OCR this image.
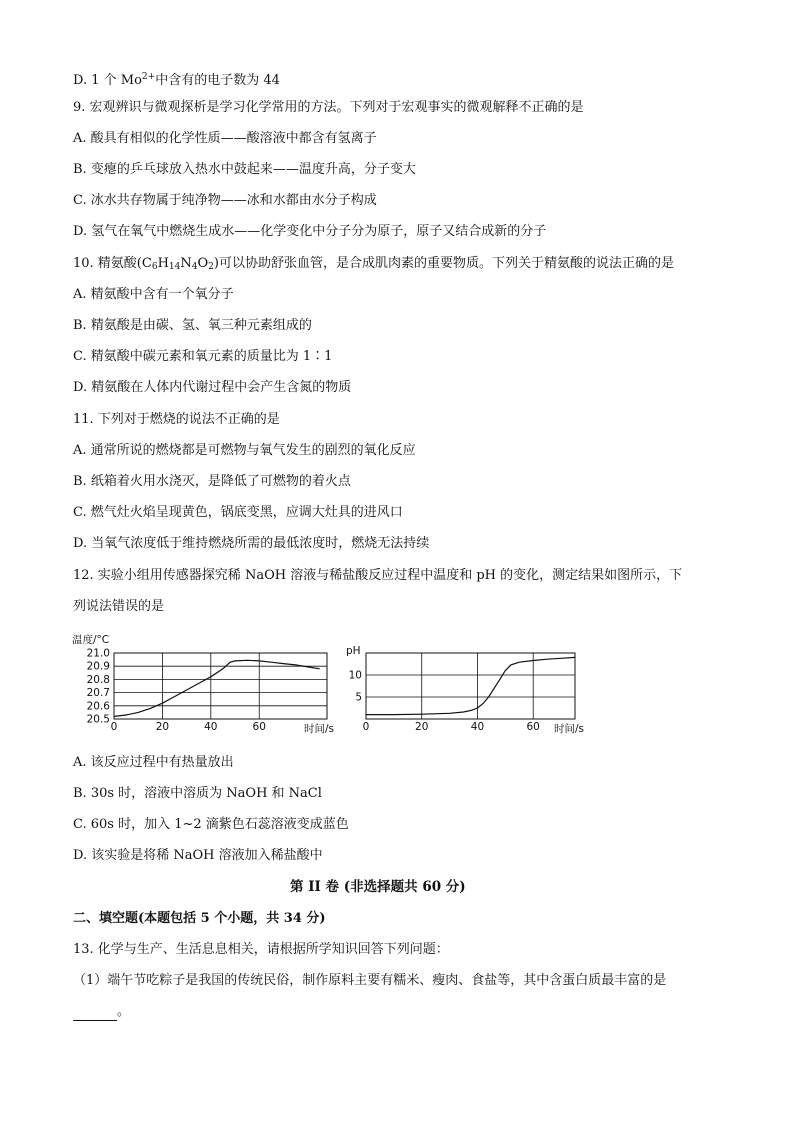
D. 1 个 $Mo^{2+}$中含有的电子数为 44
9. 宏观辨识与微观探析是学习化学常用的方法。下列对于宏观事实的微观解释不正确的是
A. 酸具有相似的化学性质——酸溶液中都含有氢离子
B. 变瘪的乒乓球放入热水中鼓起来——温度升高，分子变大
C. 冰水共存物属于纯净物——冰和水都由水分子构成
D. 氢气在氧气中燃烧生成水——化学变化中分子分为原子，原子又结合成新的分子
10. 精氨酸$(C_6H_{14}N_4O_2)$可以协助舒张血管，是合成肌肉素的重要物质。下列关于精氨酸的说法正确的是
A. 精氨酸中含有一个氧分子
B. 精氨酸是由碳、氢、氧三种元素组成的
C. 精氨酸中碳元素和氧元素的质量比为 1∶1
D. 精氨酸在人体内代谢过程中会产生含氮的物质
11. 下列对于燃烧的说法不正确的是
A. 通常所说的燃烧都是可燃物与氧气发生的剧烈的氧化反应
B. 纸箱着火用水浇灭，是降低了可燃物的着火点
C. 燃气灶火焰呈现黄色，锅底变黑，应调大灶具的进风口
D. 当氧气浓度低于维持燃烧所需的最低浓度时，燃烧无法持续
12. 实验小组用传感器探究稀 NaOH 溶液与稀盐酸反应过程中温度和 pH 的变化，测定结果如图所示，下
列说法错误的是
温度/°C
时间/s
0	20	40	60
20.5
20.6
20.7
20.8
20.9
21.0	pH
时间/s
0	20	40	60
5
10
A. 该反应过程中有热量放出
B. 30s 时，溶液中溶质为 NaOH 和 NaCl
C. 60s 时，加入 1~2 滴紫色石蕊溶液变成蓝色
D. 该实验是将稀 NaOH 溶液加入稀盐酸中
第 II 卷 (非选择题共 60 分)
二、填空题(本题包括 5 个小题，共 34 分)
13. 化学与生产、生活息息相关，请根据所学知识回答下列问题：
（1）端午节吃粽子是我国的传统民俗，制作原料主要有糯米、瘦肉、食盐等，其中含蛋白质最丰富的是
。
